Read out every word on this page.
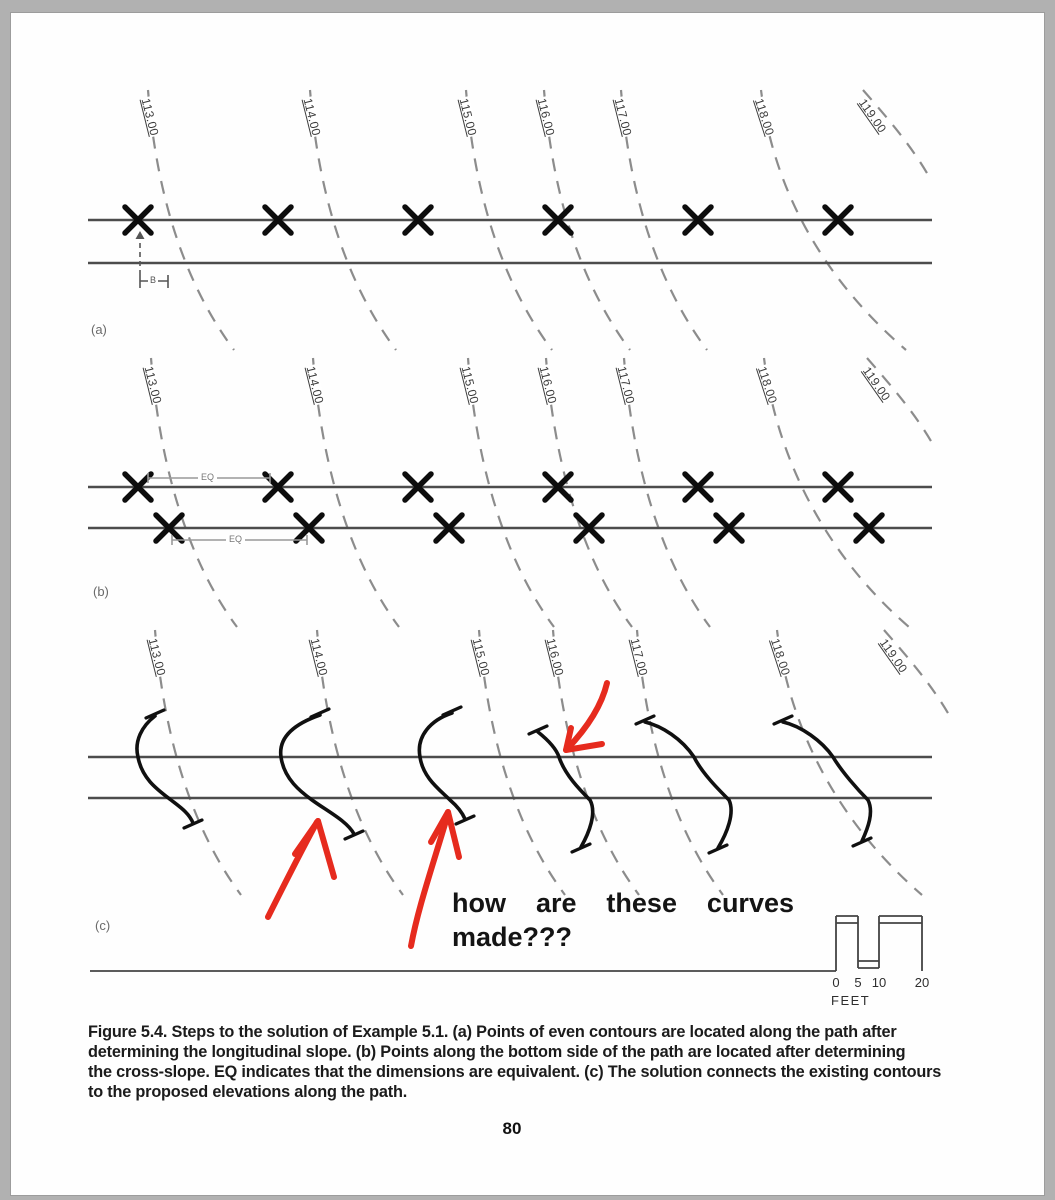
113.00	114.00	115.00	116.00	117.00	118.00	119.00
113.00	114.00	115.00	116.00	117.00	118.00	119.00
113.00	114.00	115.00	116.00	117.00	118.00	119.00
(a)
(b)
(c)
EQ
EQ
B
0 5 10 20
FEET
how are these curves
made???
Figure 5.4. Steps to the solution of Example 5.1. (a) Points of even contours are located along the path after
determining the longitudinal slope. (b) Points along the bottom side of the path are located after determining
the cross-slope. EQ indicates that the dimensions are equivalent. (c) The solution connects the existing contours
to the proposed elevations along the path.
80
